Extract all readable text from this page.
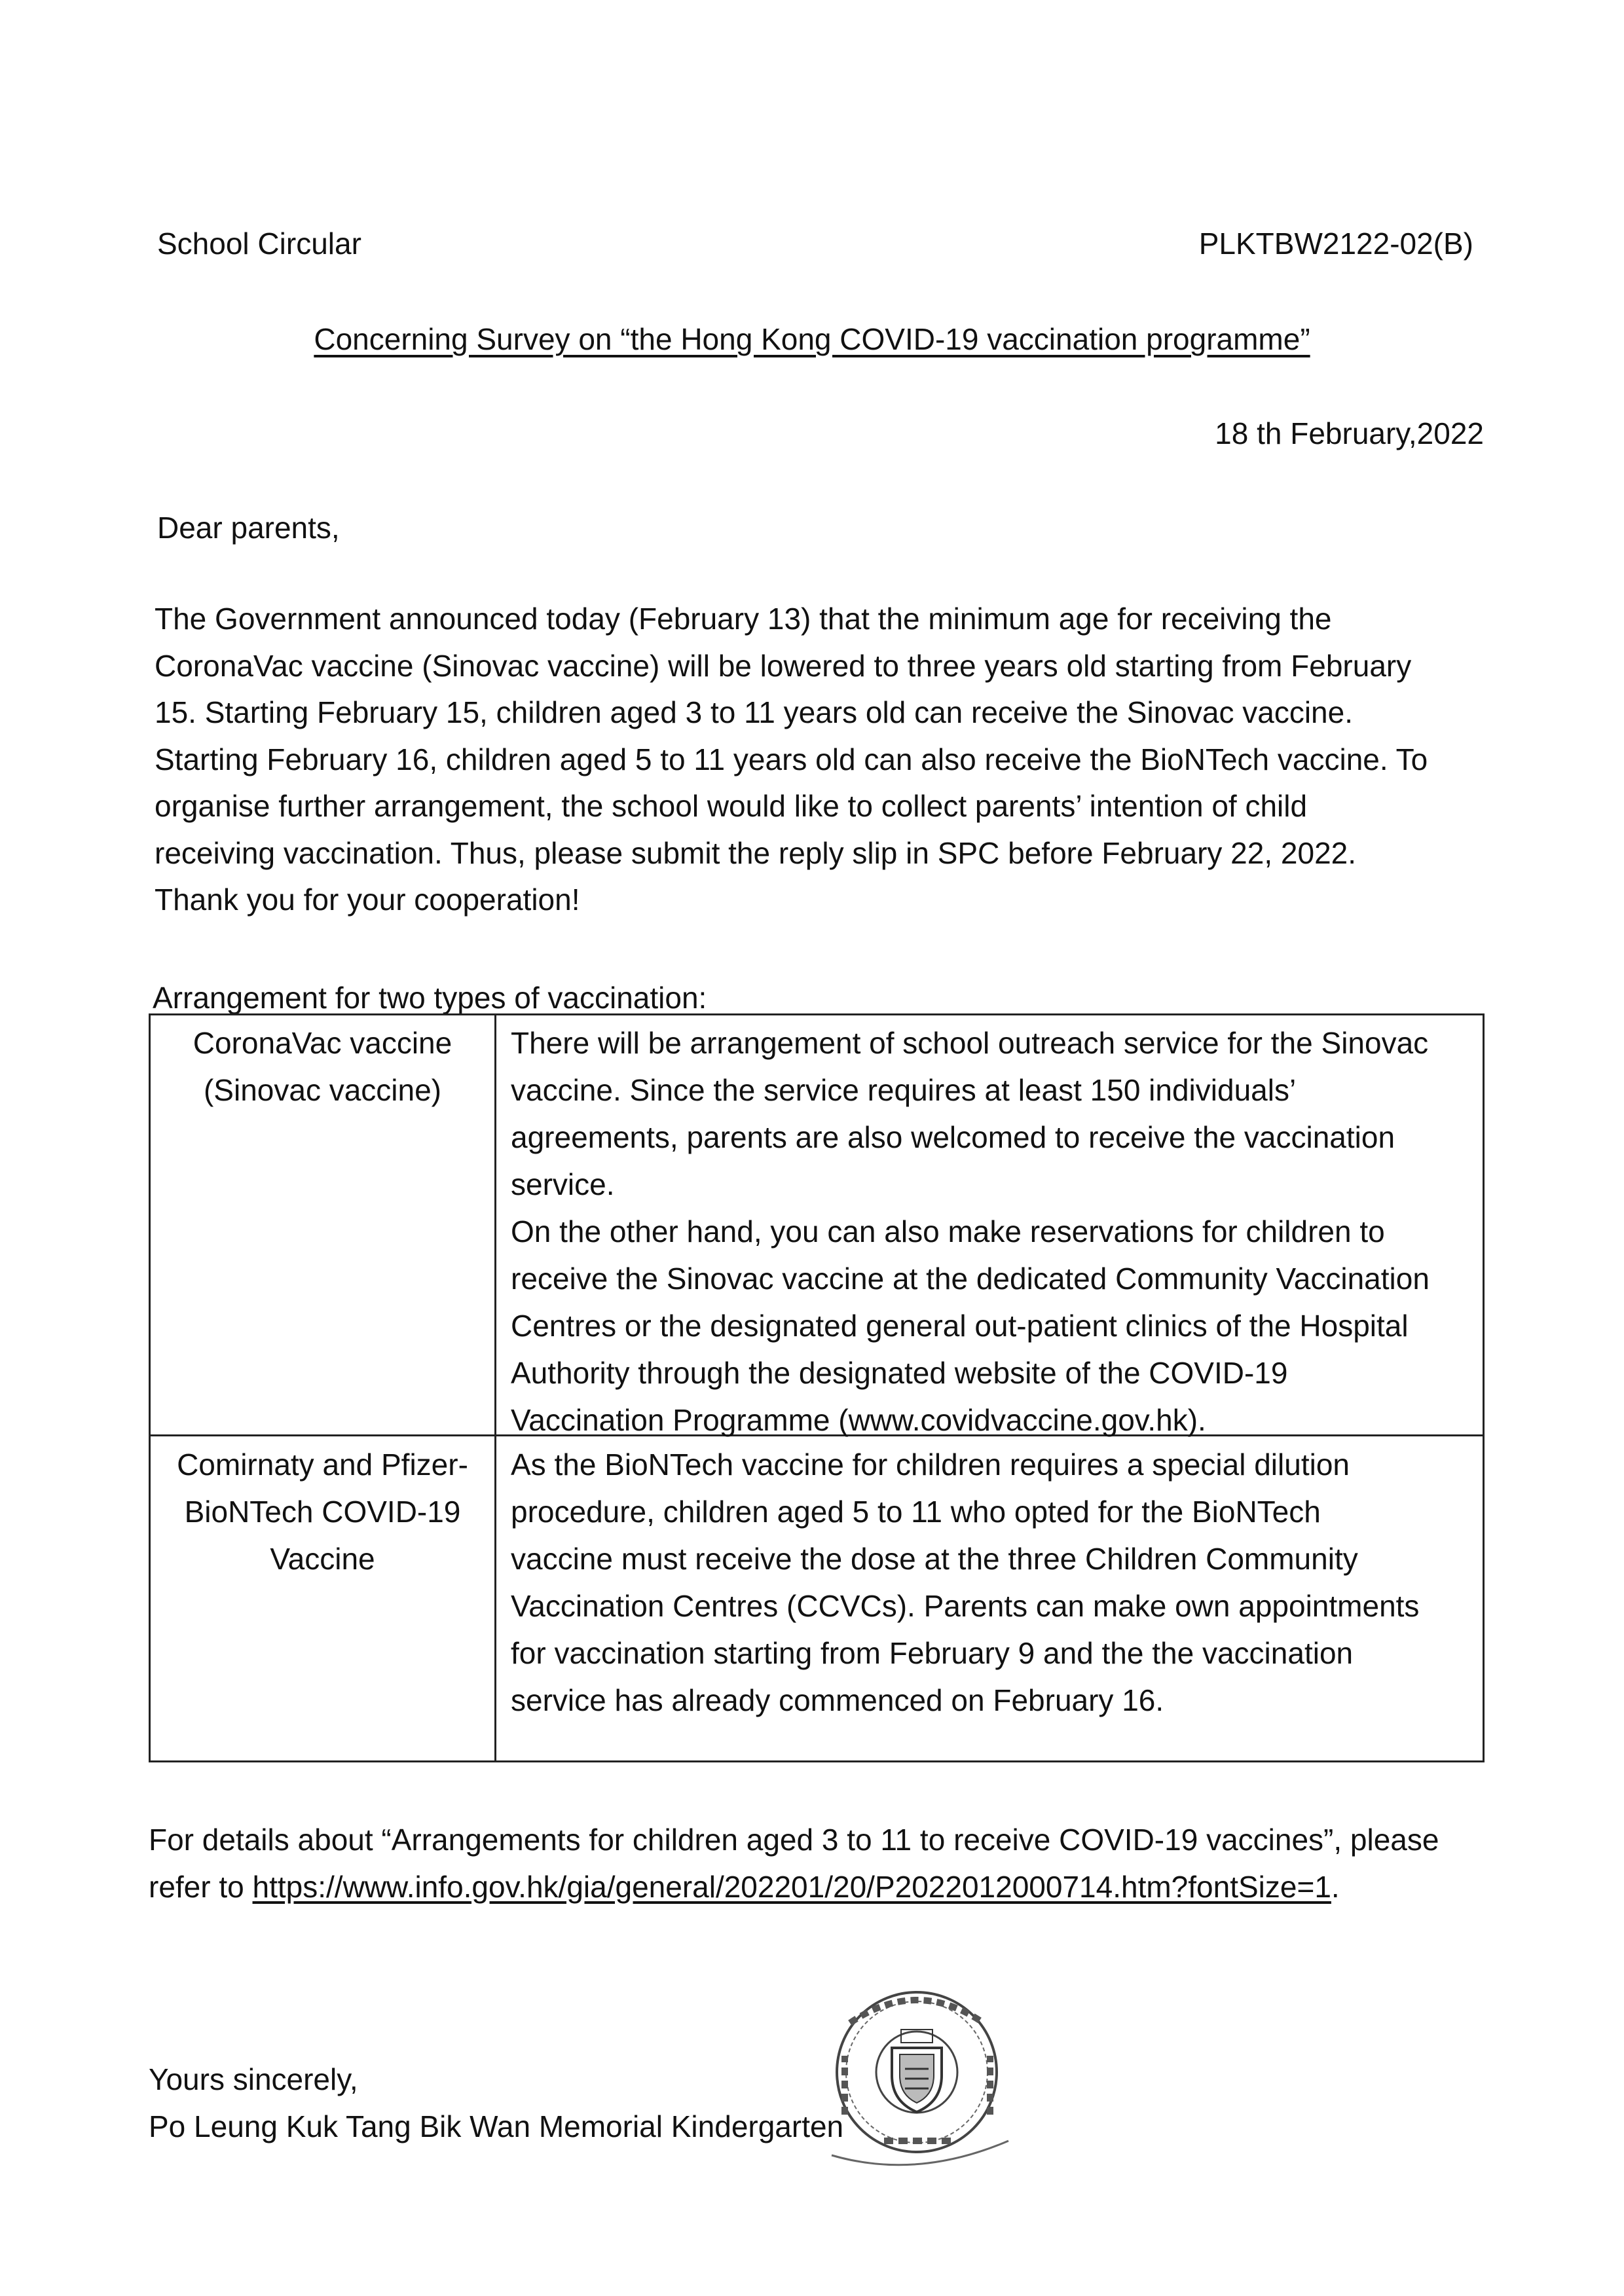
School Circular	PLKTBW2122-02(B)
Concerning Survey on “the Hong Kong COVID-19 vaccination programme”
18 th February,2022
Dear parents,
The Government announced today (February 13) that the minimum age for receiving the
CoronaVac vaccine (Sinovac vaccine) will be lowered to three years old starting from February
15. Starting February 15, children aged 3 to 11 years old can receive the Sinovac vaccine.
Starting February 16, children aged 5 to 11 years old can also receive the BioNTech vaccine. To
organise further arrangement, the school would like to collect parents’ intention of child
receiving vaccination. Thus, please submit the reply slip in SPC before February 22, 2022.
Thank you for your cooperation!
Arrangement for two types of vaccination:
CoronaVac vaccine
(Sinovac vaccine)
There will be arrangement of school outreach service for the Sinovac
vaccine. Since the service requires at least 150 individuals’
agreements, parents are also welcomed to receive the vaccination
service.
On the other hand, you can also make reservations for children to
receive the Sinovac vaccine at the dedicated Community Vaccination
Centres or the designated general out-patient clinics of the Hospital
Authority through the designated website of the COVID-19
Vaccination Programme (www.covidvaccine.gov.hk).
Comirnaty and Pfizer-
BioNTech COVID-19
Vaccine
As the BioNTech vaccine for children requires a special dilution
procedure, children aged 5 to 11 who opted for the BioNTech
vaccine must receive the dose at the three Children Community
Vaccination Centres (CCVCs). Parents can make own appointments
for vaccination starting from February 9 and the the vaccination
service has already commenced on February 16.
For details about “Arrangements for children aged 3 to 11 to receive COVID-19 vaccines”, please
refer to https://www.info.gov.hk/gia/general/202201/20/P2022012000714.htm?fontSize=1.
Yours sincerely,
Po Leung Kuk Tang Bik Wan Memorial Kindergarten
